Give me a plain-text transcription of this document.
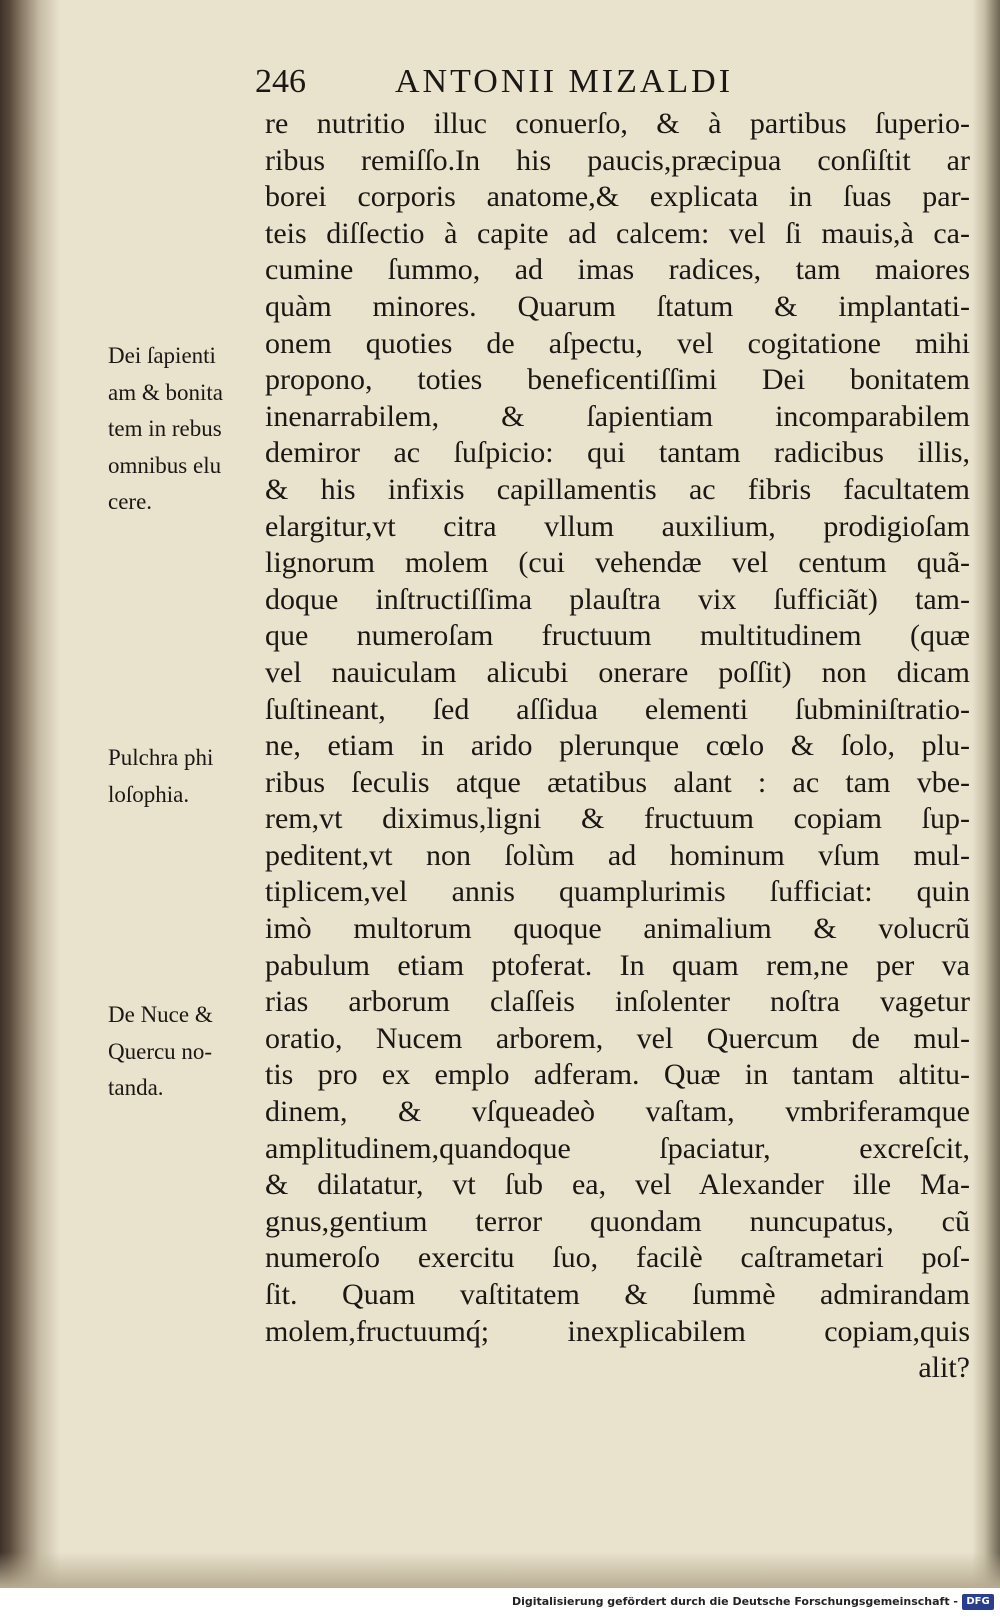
246	ANTONII MIZALDI
re nutritio illuc conuerſo, & à partibus ſuperio-
ribus remiſſo.In his paucis,præcipua conſiſtit ar
borei corporis anatome,& explicata in ſuas par-
teis diſſectio à capite ad calcem: vel ſi mauis,à ca-
cumine ſummo, ad imas radices, tam maiores
quàm minores. Quarum ſtatum & implantati-
onem quoties de aſpectu, vel cogitatione mihi
propono, toties beneficentiſſimi Dei bonitatem
inenarrabilem, & ſapientiam incomparabilem
demiror ac ſuſpicio: qui tantam radicibus illis,
& his infixis capillamentis ac fibris facultatem
elargitur,vt citra vllum auxilium, prodigioſam
lignorum molem (cui vehendæ vel centum quã-
doque inſtructiſſima plauſtra vix ſufficiãt) tam-
que numeroſam fructuum multitudinem (quæ
vel nauiculam alicubi onerare poſſit) non dicam
ſuſtineant, ſed aſſidua elementi ſubminiſtratio-
ne, etiam in arido plerunque cœlo & ſolo, plu-
ribus ſeculis atque ætatibus alant : ac tam vbe-
rem,vt diximus,ligni & fructuum copiam ſup-
peditent,vt non ſolùm ad hominum vſum mul-
tiplicem,vel annis quamplurimis ſufficiat: quin
imò multorum quoque animalium & volucrũ
pabulum etiam ptoferat. In quam rem,ne per va
rias arborum claſſeis inſolenter noſtra vagetur
oratio, Nucem arborem, vel Quercum de mul-
tis pro ex emplo adferam. Quæ in tantam altitu-
dinem, & vſqueadeò vaſtam, vmbriferamque
amplitudinem,quandoque ſpaciatur, excreſcit,
& dilatatur, vt ſub ea, vel Alexander ille Ma-
gnus,gentium terror quondam nuncupatus, cũ
numeroſo exercitu ſuo, facilè caſtrametari poſ-
ſit. Quam vaſtitatem & ſummè admirandam
molem,fructuumq́; inexplicabilem copiam,quis
alit?
Dei ſapienti
am & bonita
tem in rebus
omnibus elu
cere.
Pulchra phi
loſophia.
De Nuce &
Quercu no-
tanda.
Digitalisierung gefördert durch die Deutsche Forschungsgemeinschaft - DFG
